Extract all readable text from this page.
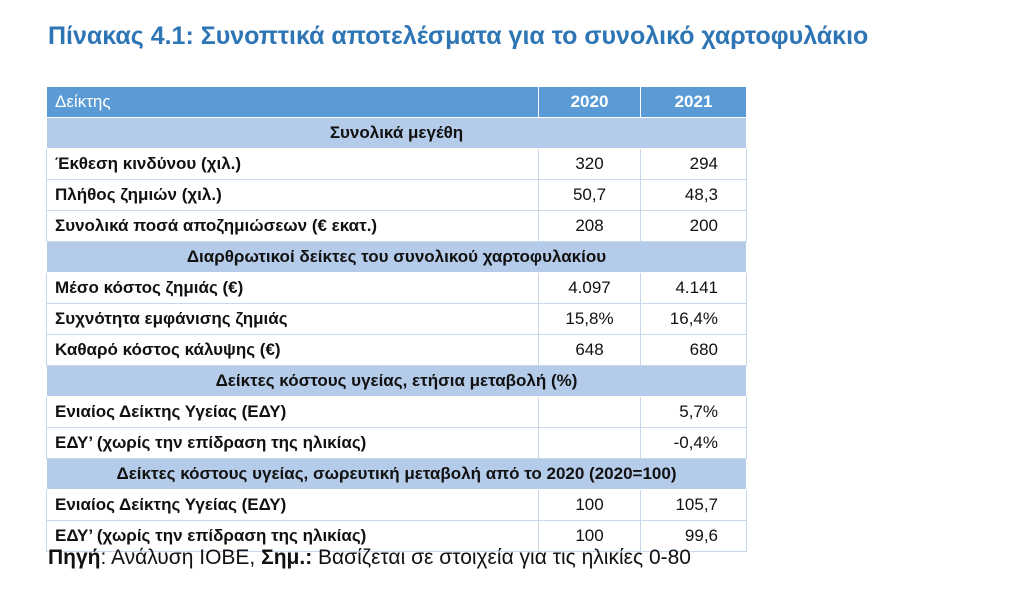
Πίνακας 4.1: Συνοπτικά αποτελέσματα για το συνολικό χαρτοφυλάκιο
Δείκτης	2020	2021
Συνολικά μεγέθη		
Έκθεση κινδύνου (χιλ.)	320	294
Πλήθος ζημιών (χιλ.)	50,7	48,3
Συνολικά ποσά αποζημιώσεων (€ εκατ.)	208	200
Διαρθρωτικοί δείκτες του συνολικού χαρτοφυλακίου		
Μέσο κόστος ζημιάς (€)	4.097	4.141
Συχνότητα εμφάνισης ζημιάς	15,8%	16,4%
Καθαρό κόστος κάλυψης (€)	648	680
Δείκτες κόστους υγείας, ετήσια μεταβολή (%)		
Ενιαίος Δείκτης Υγείας (ΕΔΥ)		5,7%
ΕΔΥ’ (χωρίς την επίδραση της ηλικίας)		-0,4%
Δείκτες κόστους υγείας, σωρευτική μεταβολή από το 2020 (2020=100)		
Ενιαίος Δείκτης Υγείας (ΕΔΥ)	100	105,7
ΕΔΥ’ (χωρίς την επίδραση της ηλικίας)	100	99,6
Πηγή: Ανάλυση ΙΟΒΕ, Σημ.: Βασίζεται σε στοιχεία για τις ηλικίες 0-80
